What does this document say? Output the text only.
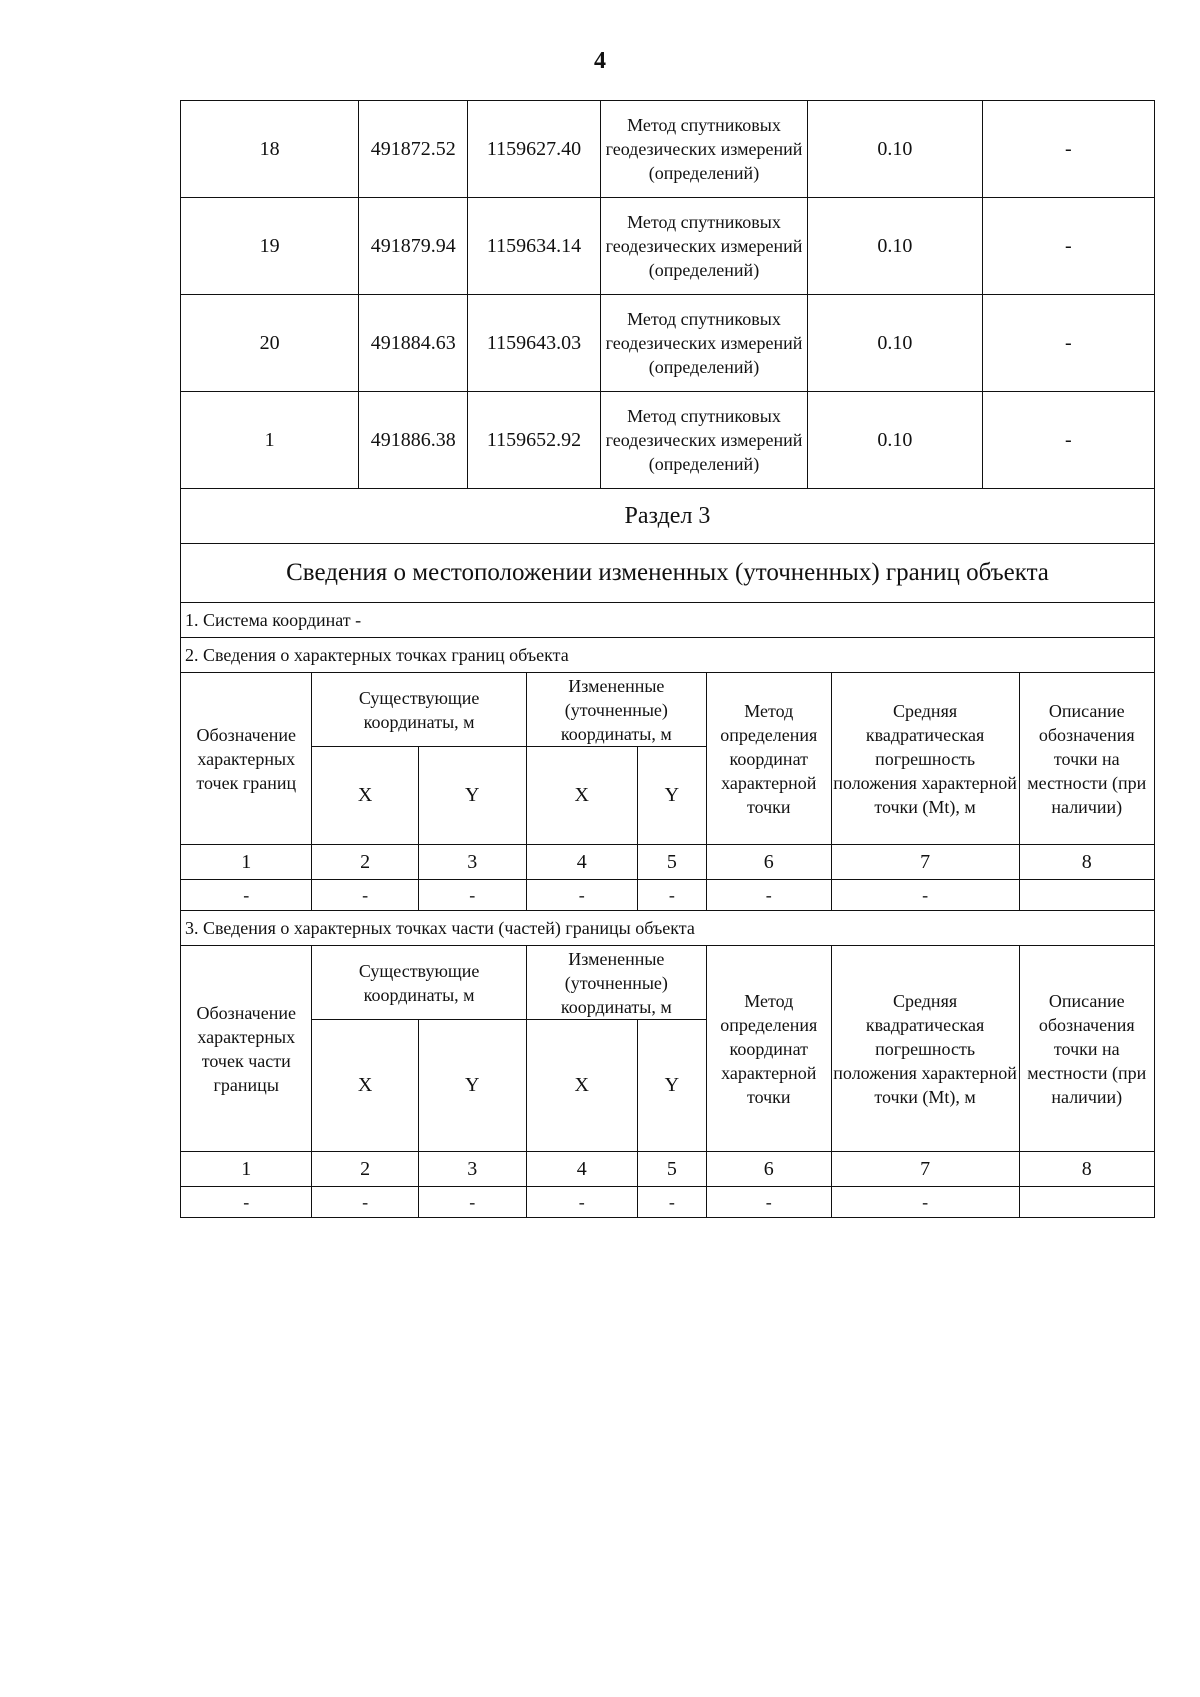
4
18	491872.52	1159627.40	Метод спутниковых геодезических измерений (определений)	0.10	-
19	491879.94	1159634.14	Метод спутниковых геодезических измерений (определений)	0.10	-
20	491884.63	1159643.03	Метод спутниковых геодезических измерений (определений)	0.10	-
1	491886.38	1159652.92	Метод спутниковых геодезических измерений (определений)	0.10	-
Раздел 3							
Сведения о местоположении измененных (уточненных) границ объекта							
1. Система координат -							
2. Сведения о характерных точках границ объекта							
Обозначение характерных точек границ	Существующие координаты, м		Измененные (уточненные) координаты, м		Метод определения координат характерной точки	Средняя квадратическая погрешность положения характерной точки (Mt), м	Описание обозначения точки на местности (при наличии)
	X	Y	X	Y			
1	2	3	4	5	6	7	8
-	-	-	-	-	-	-	
3. Сведения о характерных точках части (частей) границы объекта							
Обозначение характерных точек части границы	Существующие координаты, м		Измененные (уточненные) координаты, м		Метод определения координат характерной точки	Средняя квадратическая погрешность положения характерной точки (Mt), м	Описание обозначения точки на местности (при наличии)
	X	Y	X	Y			
1	2	3	4	5	6	7	8
-	-	-	-	-	-	-	
